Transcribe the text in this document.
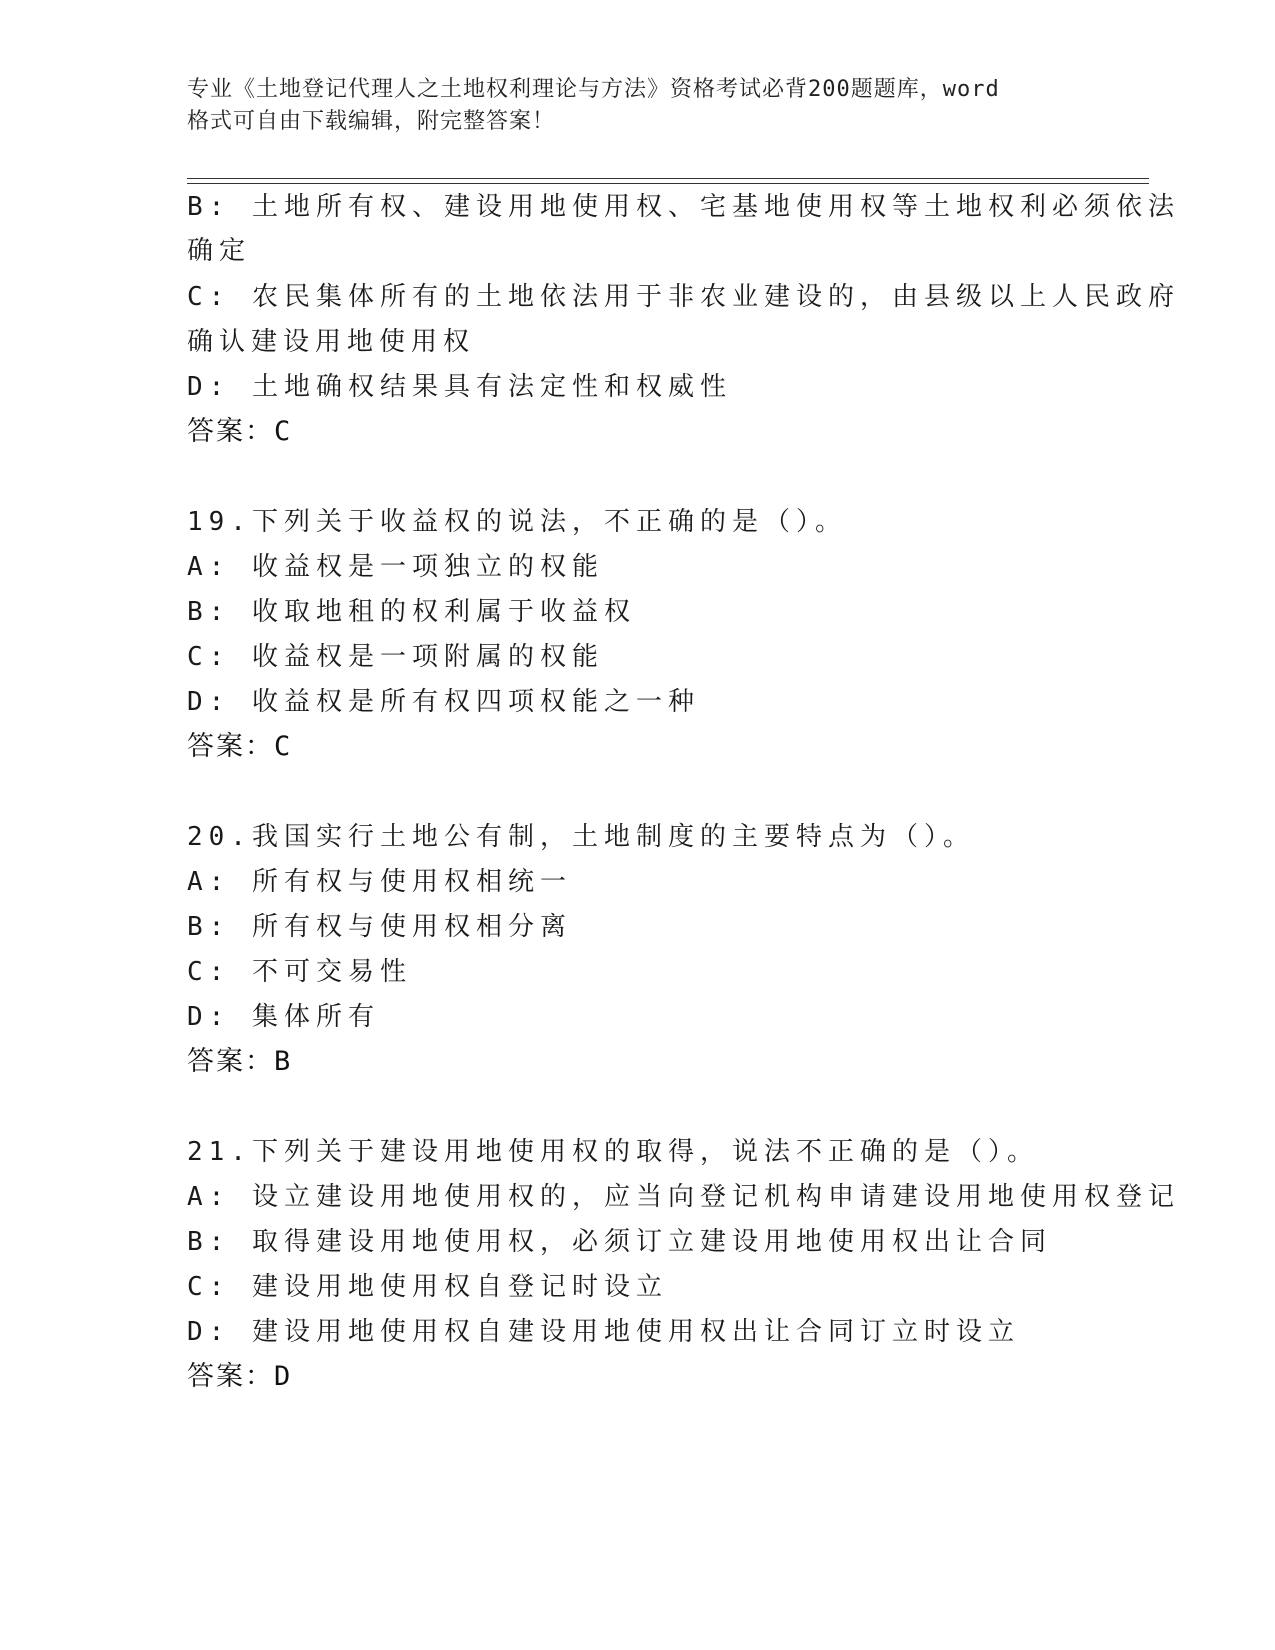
专业《土地登记代理人之土地权利理论与方法》资格考试必背200题题库，word
格式可自由下载编辑，附完整答案！
B: 土地所有权、建设用地使用权、宅基地使用权等土地权利必须依法
确定
C: 农民集体所有的土地依法用于非农业建设的，由县级以上人民政府
确认建设用地使用权
D: 土地确权结果具有法定性和权威性
答案：C
19.下列关于收益权的说法，不正确的是（）。
A: 收益权是一项独立的权能
B: 收取地租的权利属于收益权
C: 收益权是一项附属的权能
D: 收益权是所有权四项权能之一种
答案：C
20.我国实行土地公有制，土地制度的主要特点为（）。
A: 所有权与使用权相统一
B: 所有权与使用权相分离
C: 不可交易性
D: 集体所有
答案：B
21.下列关于建设用地使用权的取得，说法不正确的是（）。
A: 设立建设用地使用权的，应当向登记机构申请建设用地使用权登记
B: 取得建设用地使用权，必须订立建设用地使用权出让合同
C: 建设用地使用权自登记时设立
D: 建设用地使用权自建设用地使用权出让合同订立时设立
答案：D
